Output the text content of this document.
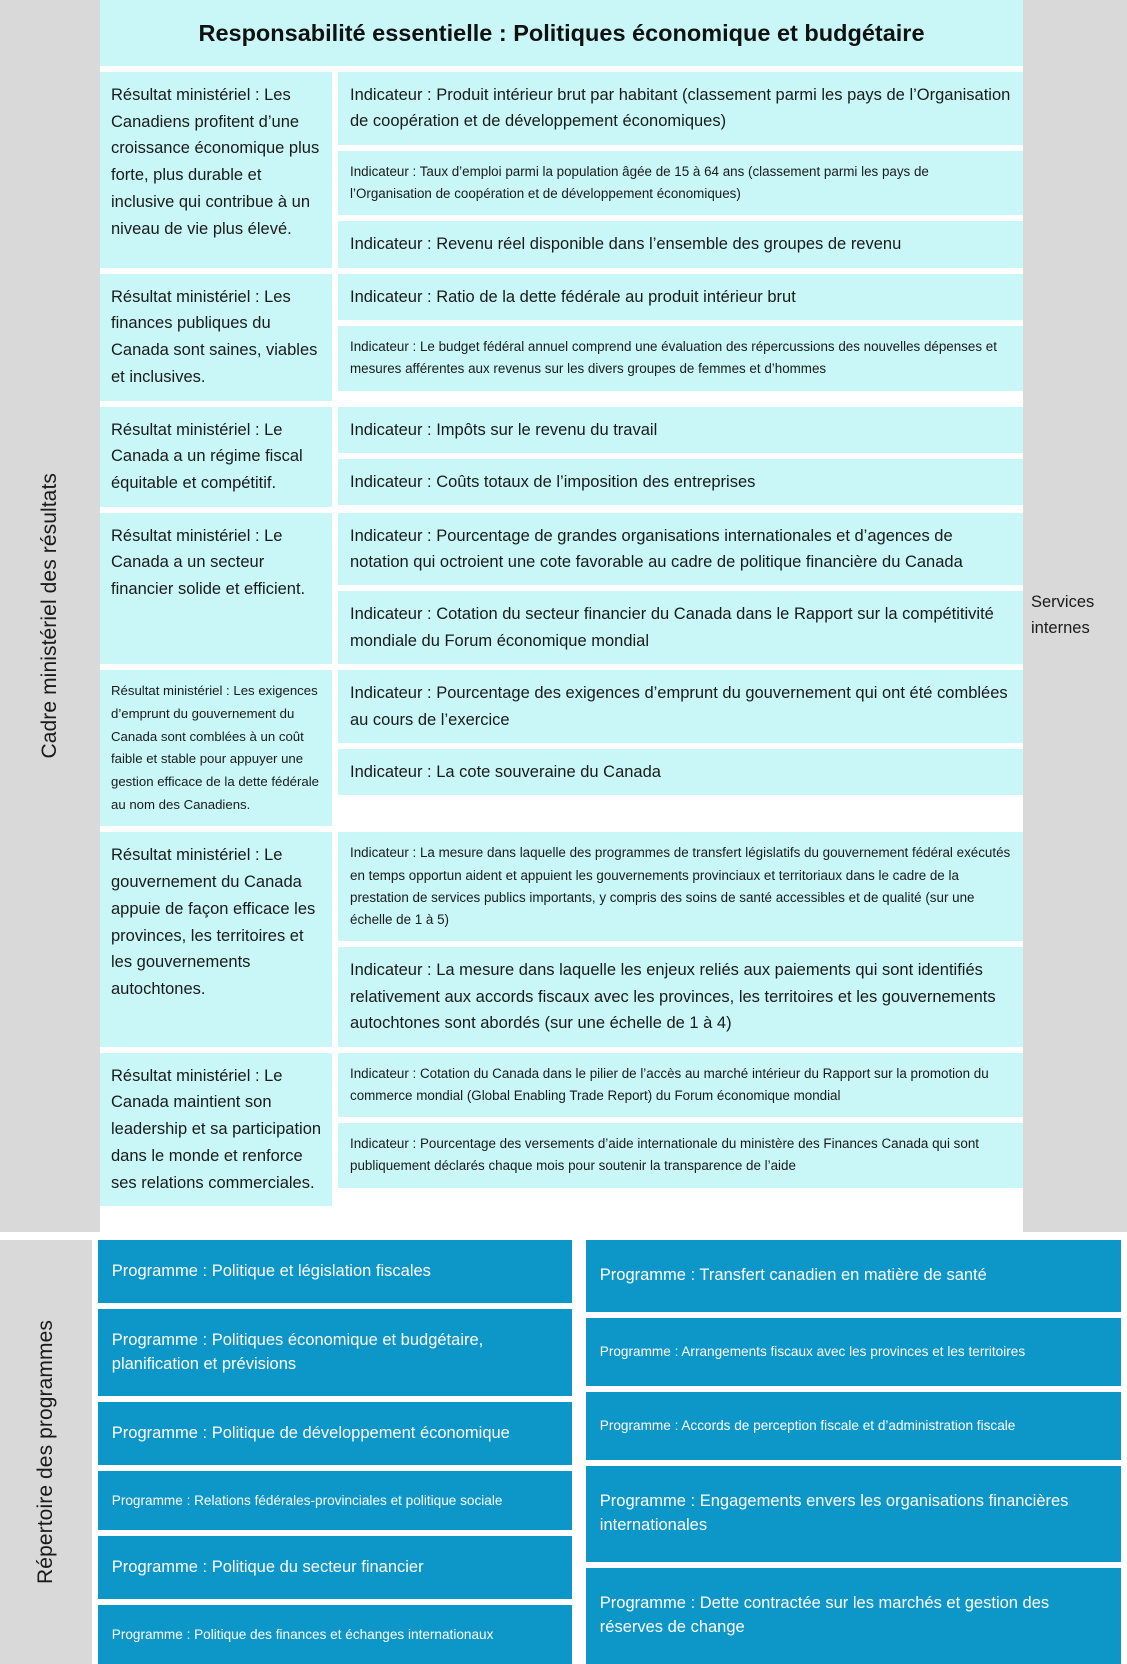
Cadre ministériel des résultats
Responsabilité essentielle : Politiques économique et budgétaire
Résultat ministériel : Les Canadiens profitent d’une croissance économique plus forte, plus durable et inclusive qui contribue à un niveau de vie plus élevé.
Indicateur : Produit intérieur brut par habitant (classement parmi les pays de l’Organisation de coopération et de développement économiques)
Indicateur : Taux d’emploi parmi la population âgée de 15 à 64 ans (classement parmi les pays de l’Organisation de coopération et de développement économiques)
Indicateur : Revenu réel disponible dans l’ensemble des groupes de revenu
Résultat ministériel : Les finances publiques du Canada sont saines, viables et inclusives.
Indicateur : Ratio de la dette fédérale au produit intérieur brut
Indicateur : Le budget fédéral annuel comprend une évaluation des répercussions des nouvelles dépenses et mesures afférentes aux revenus sur les divers groupes de femmes et d’hommes
Résultat ministériel : Le Canada a un régime fiscal équitable et compétitif.
Indicateur : Impôts sur le revenu du travail
Indicateur : Coûts totaux de l’imposition des entreprises
Résultat ministériel : Le Canada a un secteur financier solide et efficient.
Indicateur : Pourcentage de grandes organisations internationales et d’agences de notation qui octroient une cote favorable au cadre de politique financière du Canada
Indicateur : Cotation du secteur financier du Canada dans le Rapport sur la compétitivité mondiale du Forum économique mondial
Résultat ministériel : Les exigences d’emprunt du gouvernement du Canada sont comblées à un coût faible et stable pour appuyer une gestion efficace de la dette fédérale au nom des Canadiens.
Indicateur : Pourcentage des exigences d’emprunt du gouvernement qui ont été comblées au cours de l’exercice
Indicateur : La cote souveraine du Canada
Résultat ministériel : Le gouvernement du Canada appuie de façon efficace les provinces, les territoires et les gouvernements autochtones.
Indicateur : La mesure dans laquelle des programmes de transfert législatifs du gouvernement fédéral exécutés en temps opportun aident et appuient les gouvernements provinciaux et territoriaux dans le cadre de la prestation de services publics importants, y compris des soins de santé accessibles et de qualité (sur une échelle de 1 à 5)
Indicateur : La mesure dans laquelle les enjeux reliés aux paiements qui sont identifiés relativement aux accords fiscaux avec les provinces, les territoires et les gouvernements autochtones sont abordés (sur une échelle de 1 à 4)
Résultat ministériel : Le Canada maintient son leadership et sa participation dans le monde et renforce ses relations commerciales.
Indicateur : Cotation du Canada dans le pilier de l’accès au marché intérieur du Rapport sur la promotion du commerce mondial (Global Enabling Trade Report) du Forum économique mondial
Indicateur : Pourcentage des versements d’aide internationale du ministère des Finances Canada qui sont publiquement déclarés chaque mois pour soutenir la transparence de l’aide
Services internes
Répertoire des programmes
Programme : Politique et législation fiscales
Programme : Politiques économique et budgétaire, planification et prévisions
Programme : Politique de développement économique
Programme : Relations fédérales-provinciales et politique sociale
Programme : Politique du secteur financier
Programme : Politique des finances et échanges internationaux
Programme : Transfert canadien en matière de santé
Programme : Arrangements fiscaux avec les provinces et les territoires
Programme : Accords de perception fiscale et d’administration fiscale
Programme : Engagements envers les organisations financières internationales
Programme : Dette contractée sur les marchés et gestion des réserves de change
